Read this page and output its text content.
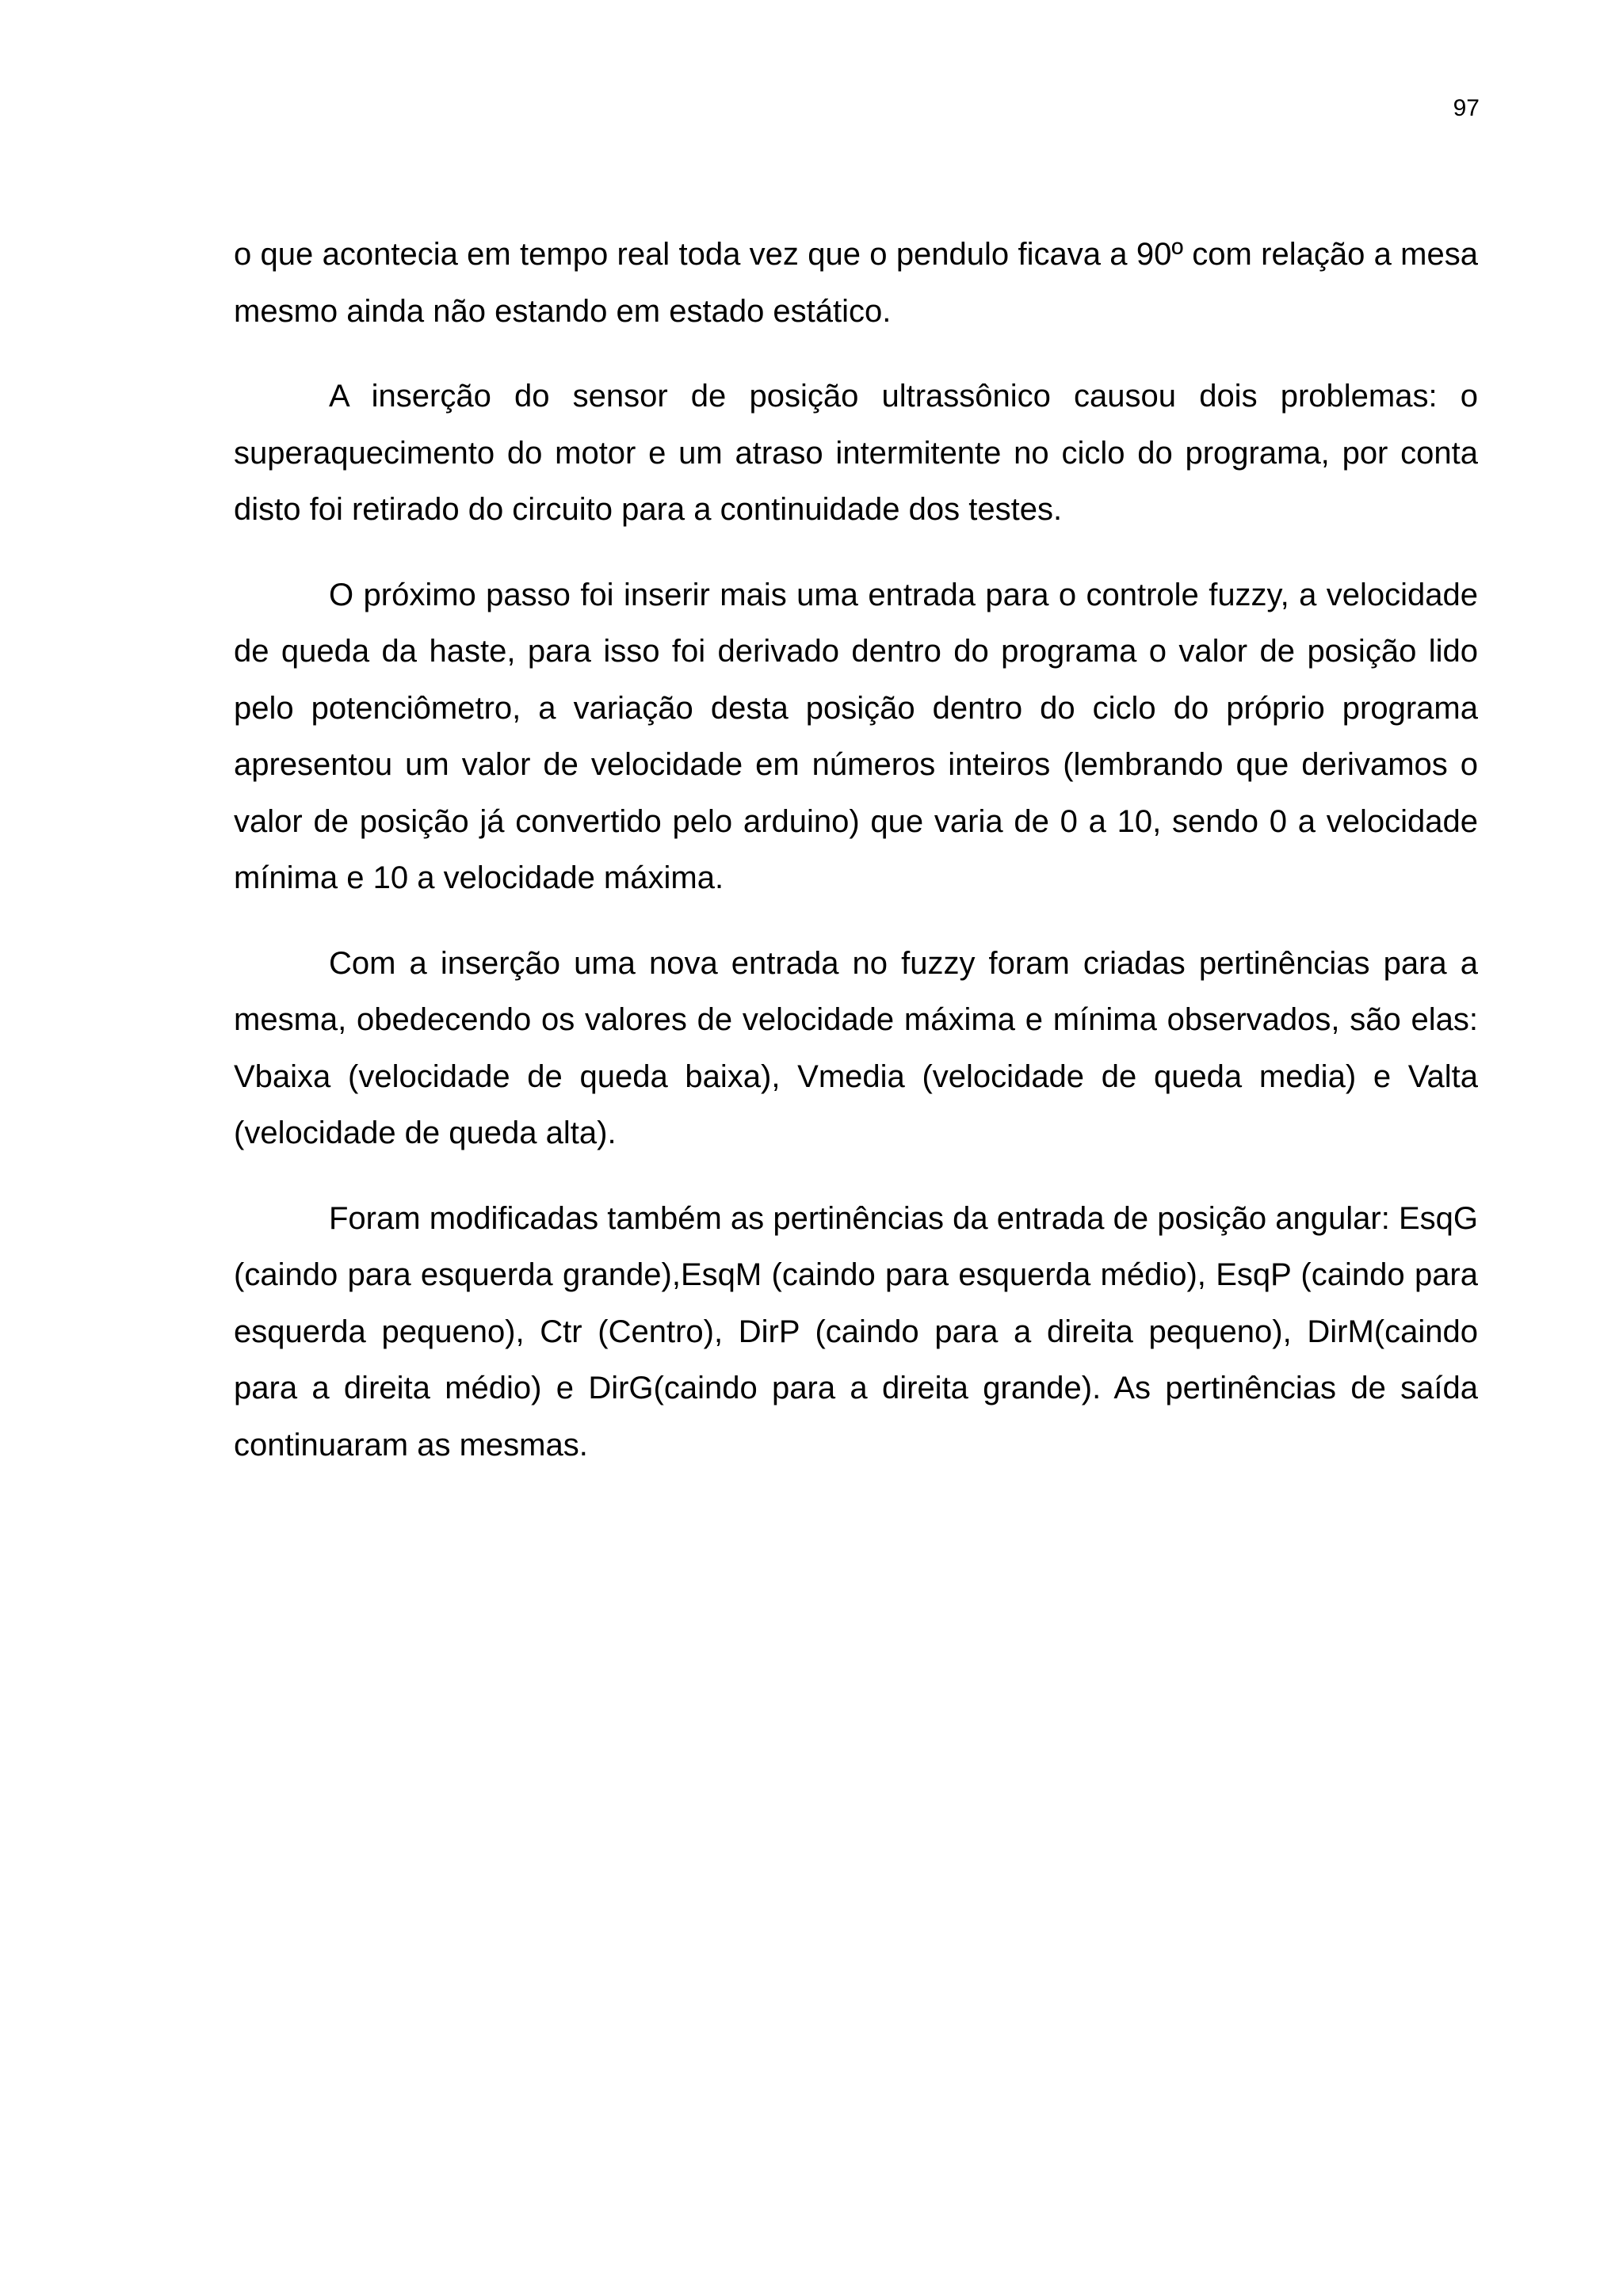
97

o que acontecia em tempo real toda vez que o pendulo ficava a 90º com relação a mesa mesmo ainda não estando em estado estático.

A inserção do sensor de posição ultrassônico causou dois problemas: o superaquecimento do motor e um atraso intermitente no ciclo do programa, por conta disto foi retirado do circuito para a continuidade dos testes.

O próximo passo foi inserir mais uma entrada para o controle fuzzy, a velocidade de queda da haste, para isso foi derivado dentro do programa o valor de posição lido pelo potenciômetro, a variação desta posição dentro do ciclo do próprio programa apresentou um valor de velocidade em números inteiros (lembrando que derivamos o valor de posição já convertido pelo arduino) que varia de 0 a 10, sendo 0 a velocidade mínima e 10 a velocidade máxima.

Com a inserção uma nova entrada no fuzzy foram criadas pertinências para a mesma, obedecendo os valores de velocidade máxima e mínima observados, são elas: Vbaixa (velocidade de queda baixa), Vmedia (velocidade de queda media) e Valta (velocidade de queda alta).

Foram modificadas também as pertinências da entrada de posição angular: EsqG (caindo para esquerda grande),EsqM (caindo para esquerda médio), EsqP (caindo para esquerda pequeno), Ctr (Centro), DirP (caindo para a direita pequeno), DirM(caindo para a direita médio) e DirG(caindo para a direita grande). As pertinências de saída continuaram as mesmas.
